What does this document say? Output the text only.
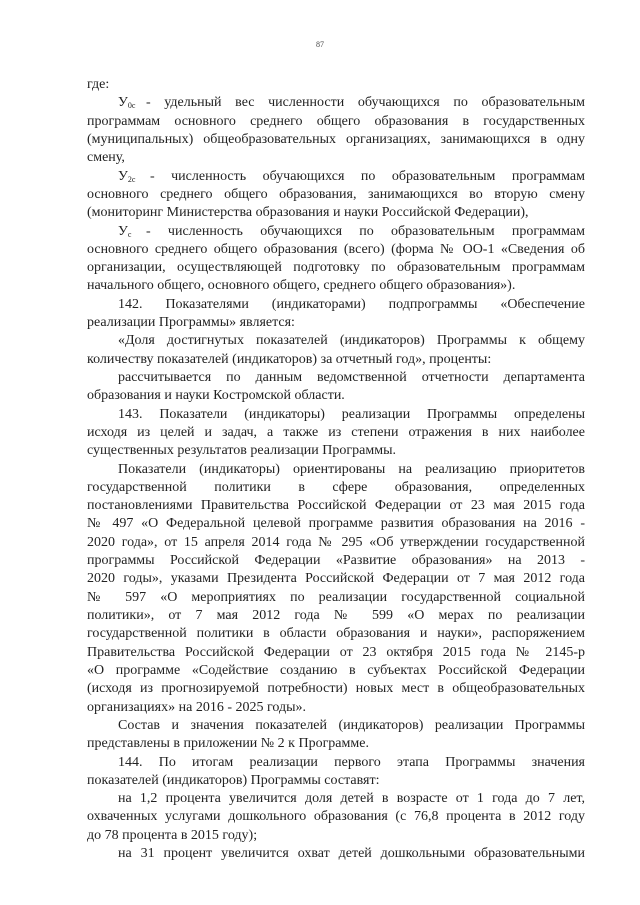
87
где:
$У_{0с}$ - удельный вес численности обучающихся по образовательным
программам основного среднего общего образования в государственных
(муниципальных) общеобразовательных организациях, занимающихся в одну
смену,
$У_{2с}$ - численность обучающихся по образовательным программам
основного среднего общего образования, занимающихся во вторую смену
(мониторинг Министерства образования и науки Российской Федерации),
$У_с$ - численность обучающихся по образовательным программам
основного среднего общего образования (всего) (форма № ОО-1 «Сведения об
организации, осуществляющей подготовку по образовательным программам
начального общего, основного общего, среднего общего образования»).
142. Показателями (индикаторами) подпрограммы «Обеспечение
реализации Программы» является:
«Доля достигнутых показателей (индикаторов) Программы к общему
количеству показателей (индикаторов) за отчетный год», проценты:
рассчитывается по данным ведомственной отчетности департамента
образования и науки Костромской области.
143. Показатели (индикаторы) реализации Программы определены
исходя из целей и задач, а также из степени отражения в них наиболее
существенных результатов реализации Программы.
Показатели (индикаторы) ориентированы на реализацию приоритетов
государственной политики в сфере образования, определенных
постановлениями Правительства Российской Федерации от 23 мая 2015 года
№ 497 «О Федеральной целевой программе развития образования на 2016 -
2020 года», от 15 апреля 2014 года № 295 «Об утверждении государственной
программы Российской Федерации «Развитие образования» на 2013 -
2020 годы», указами Президента Российской Федерации от 7 мая 2012 года
№ 597 «О мероприятиях по реализации государственной социальной
политики», от 7 мая 2012 года № 599 «О мерах по реализации
государственной политики в области образования и науки», распоряжением
Правительства Российской Федерации от 23 октября 2015 года № 2145-р
«О программе «Содействие созданию в субъектах Российской Федерации
(исходя из прогнозируемой потребности) новых мест в общеобразовательных
организациях» на 2016 - 2025 годы».
Состав и значения показателей (индикаторов) реализации Программы
представлены в приложении № 2 к Программе.
144. По итогам реализации первого этапа Программы значения
показателей (индикаторов) Программы составят:
на 1,2 процента увеличится доля детей в возрасте от 1 года до 7 лет,
охваченных услугами дошкольного образования (с 76,8 процента в 2012 году
до 78 процента в 2015 году);
на 31 процент увеличится охват детей дошкольными образовательными
